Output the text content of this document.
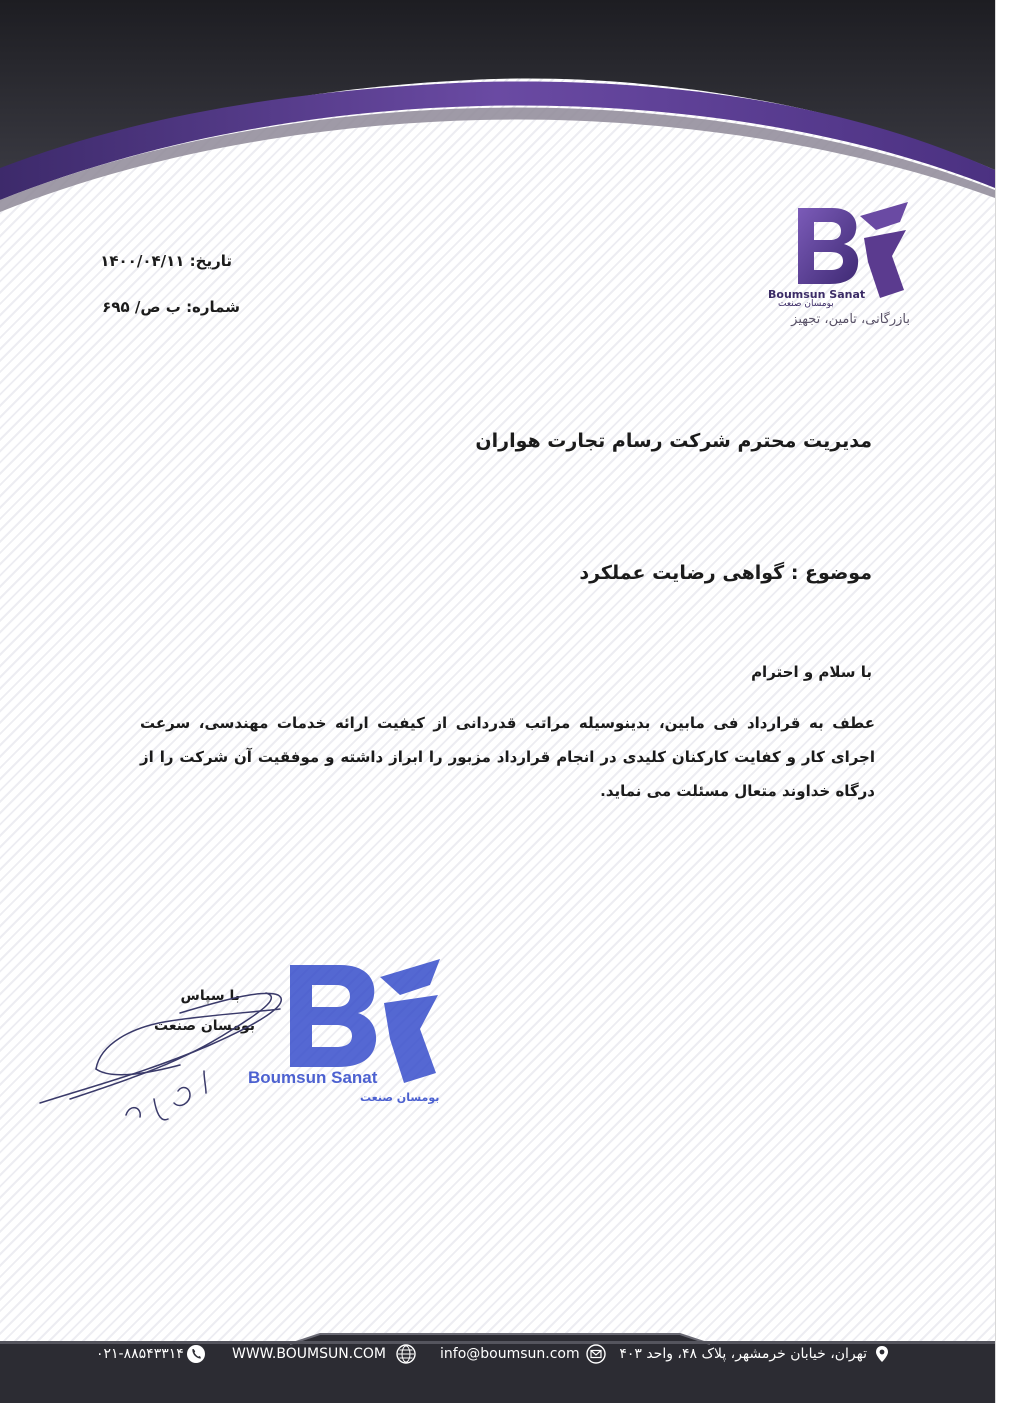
Boumsun Sanat
بومسان صنعت
بازرگانی، تامین، تجهیز
تاریخ: ۱۴۰۰/۰۴/۱۱
شماره: ب ص/ ۶۹۵
مدیریت محترم شرکت رسام تجارت هواران
موضوع : گواهی رضایت عملکرد
با سلام و احترام
عطف به قرارداد فی مابین، بدینوسیله مراتب قدردانی از کیفیت ارائه خدمات مهندسی، سرعت اجرای کار و کفایت کارکنان کلیدی در انجام قرارداد مزبور را ابراز داشته و موفقیت آن شرکت را از درگاه خداوند متعال مسئلت می نماید.
با سپاس
بومسان صنعت
Boumsun Sanat
بومسان صنعت
تهران، خیابان خرمشهر، پلاک ۴۸، واحد ۴۰۳
info@boumsun.com
WWW.BOUMSUN.COM
۰۲۱-۸۸۵۴۳۳۱۴
